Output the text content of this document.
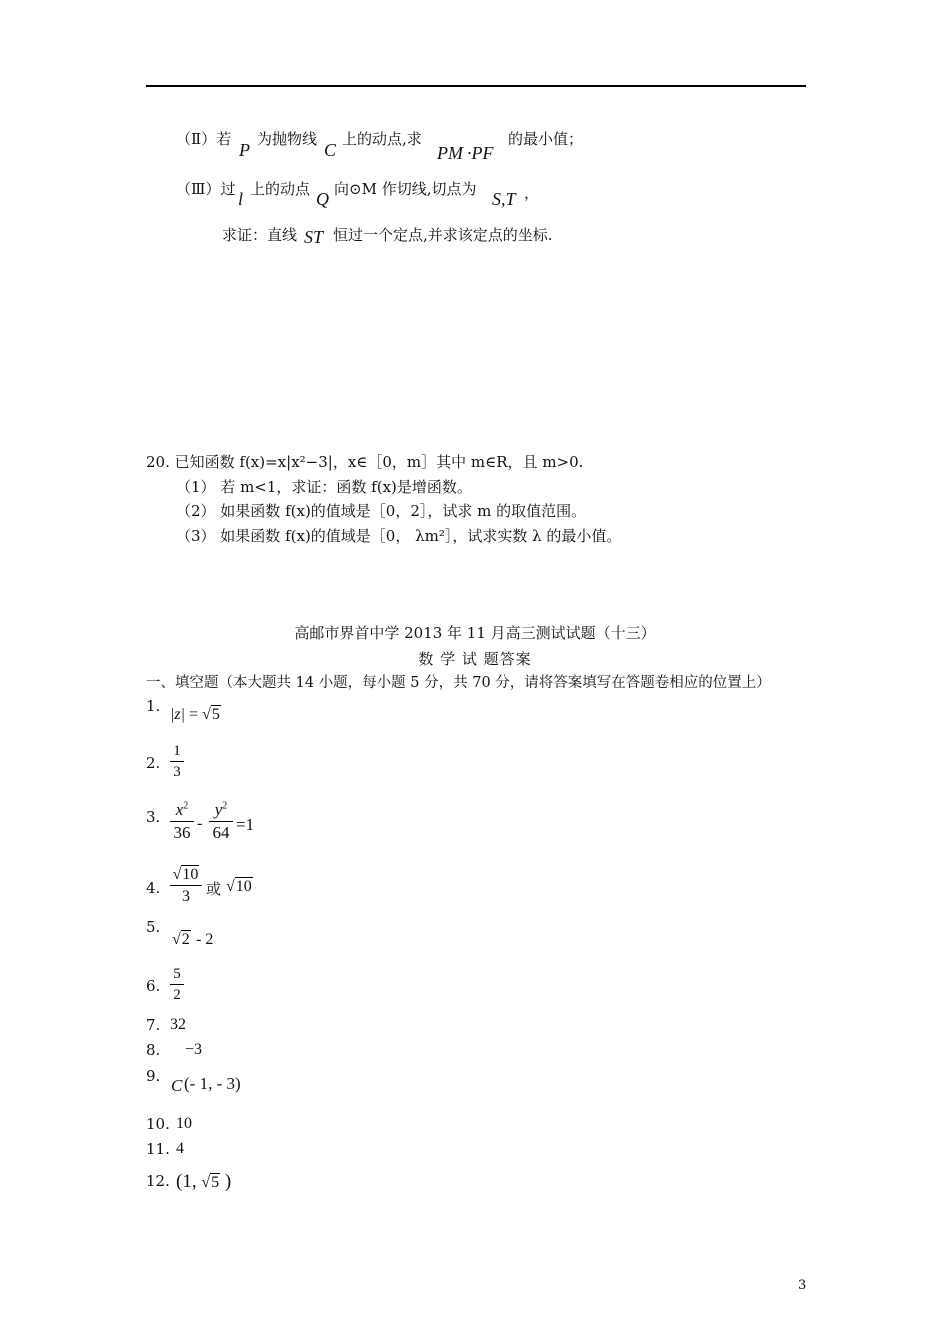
（Ⅱ）若
P
为抛物线
C
上的动点,求
PM ·PF
的最小值；
（Ⅲ）过 l 上的动点 Q 向⊙M 作切线,切点为 S,T ，
求证：直线 ST 恒过一个定点,并求该定点的坐标.
20. 已知函数 f(x)=x|x²−3|，x∈［0，m］其中 m∈R，且 m>0.
（1） 若 m<1，求证：函数 f(x)是增函数。
（2） 如果函数 f(x)的值域是［0，2］，试求 m 的取值范围。
（3） 如果函数 f(x)的值域是［0， λm²］，试求实数 λ 的最小值。
高邮市界首中学 2013 年 11 月高三测试试题（十三）
数 学 试 题答案
一、填空题（本大题共 14 小题，每小题 5 分，共 70 分，请将答案填写在答题卷相应的位置上）
1. |z| = √5
2.
1
3
3. $x^2$
36 -
$y^2$
64 =1
4.
√10
3	或 √10
5.
√2 - 2
6.
5
2
7. 32
8. −3
9. C (- 1, - 3)
10. 10
11. 4
12. (1, √5 )
3
